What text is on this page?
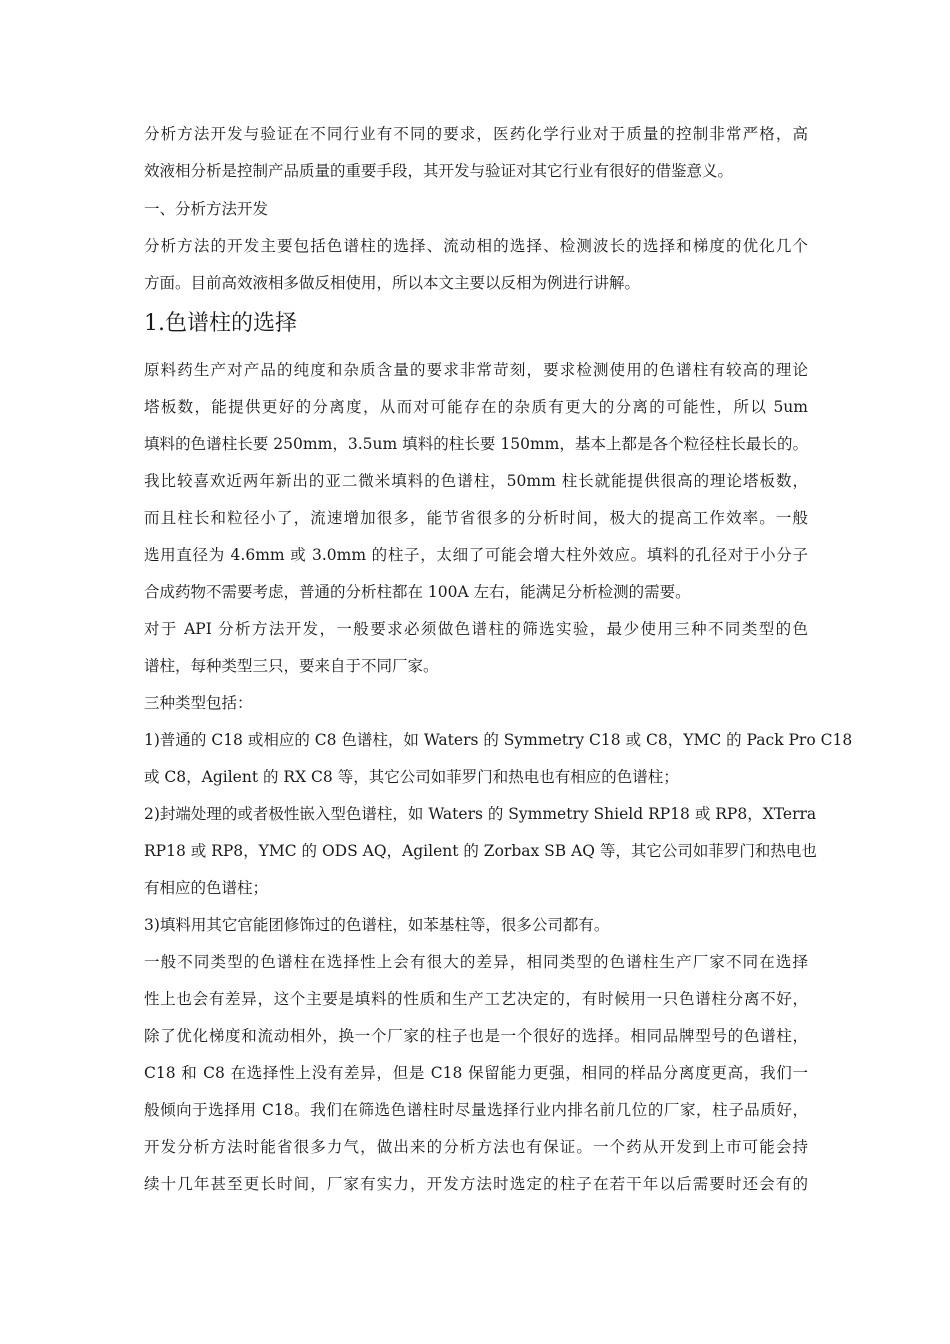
分析方法开发与验证在不同行业有不同的要求，医药化学行业对于质量的控制非常严格，高
效液相分析是控制产品质量的重要手段，其开发与验证对其它行业有很好的借鉴意义。
一、分析方法开发
分析方法的开发主要包括色谱柱的选择、流动相的选择、检测波长的选择和梯度的优化几个
方面。目前高效液相多做反相使用，所以本文主要以反相为例进行讲解。
1.色谱柱的选择
原料药生产对产品的纯度和杂质含量的要求非常苛刻，要求检测使用的色谱柱有较高的理论
塔板数，能提供更好的分离度，从而对可能存在的杂质有更大的分离的可能性，所以 5um
填料的色谱柱长要 250mm，3.5um 填料的柱长要 150mm，基本上都是各个粒径柱长最长的。
我比较喜欢近两年新出的亚二微米填料的色谱柱，50mm 柱长就能提供很高的理论塔板数，
而且柱长和粒径小了，流速增加很多，能节省很多的分析时间，极大的提高工作效率。一般
选用直径为 4.6mm 或 3.0mm 的柱子，太细了可能会增大柱外效应。填料的孔径对于小分子
合成药物不需要考虑，普通的分析柱都在 100A 左右，能满足分析检测的需要。
对于 API 分析方法开发，一般要求必须做色谱柱的筛选实验，最少使用三种不同类型的色
谱柱，每种类型三只，要来自于不同厂家。
三种类型包括：
1)普通的 C18 或相应的 C8 色谱柱，如 Waters 的 Symmetry C18 或 C8，YMC 的 Pack Pro C18
或 C8，Agilent 的 RX C8 等，其它公司如菲罗门和热电也有相应的色谱柱；
2)封端处理的或者极性嵌入型色谱柱，如 Waters 的 Symmetry Shield RP18 或 RP8，XTerra
RP18 或 RP8，YMC 的 ODS AQ，Agilent 的 Zorbax SB AQ 等，其它公司如菲罗门和热电也
有相应的色谱柱；
3)填料用其它官能团修饰过的色谱柱，如苯基柱等，很多公司都有。
一般不同类型的色谱柱在选择性上会有很大的差异，相同类型的色谱柱生产厂家不同在选择
性上也会有差异，这个主要是填料的性质和生产工艺决定的，有时候用一只色谱柱分离不好，
除了优化梯度和流动相外，换一个厂家的柱子也是一个很好的选择。相同品牌型号的色谱柱，
C18 和 C8 在选择性上没有差异，但是 C18 保留能力更强，相同的样品分离度更高，我们一
般倾向于选择用 C18。我们在筛选色谱柱时尽量选择行业内排名前几位的厂家，柱子品质好，
开发分析方法时能省很多力气，做出来的分析方法也有保证。一个药从开发到上市可能会持
续十几年甚至更长时间，厂家有实力，开发方法时选定的柱子在若干年以后需要时还会有的
